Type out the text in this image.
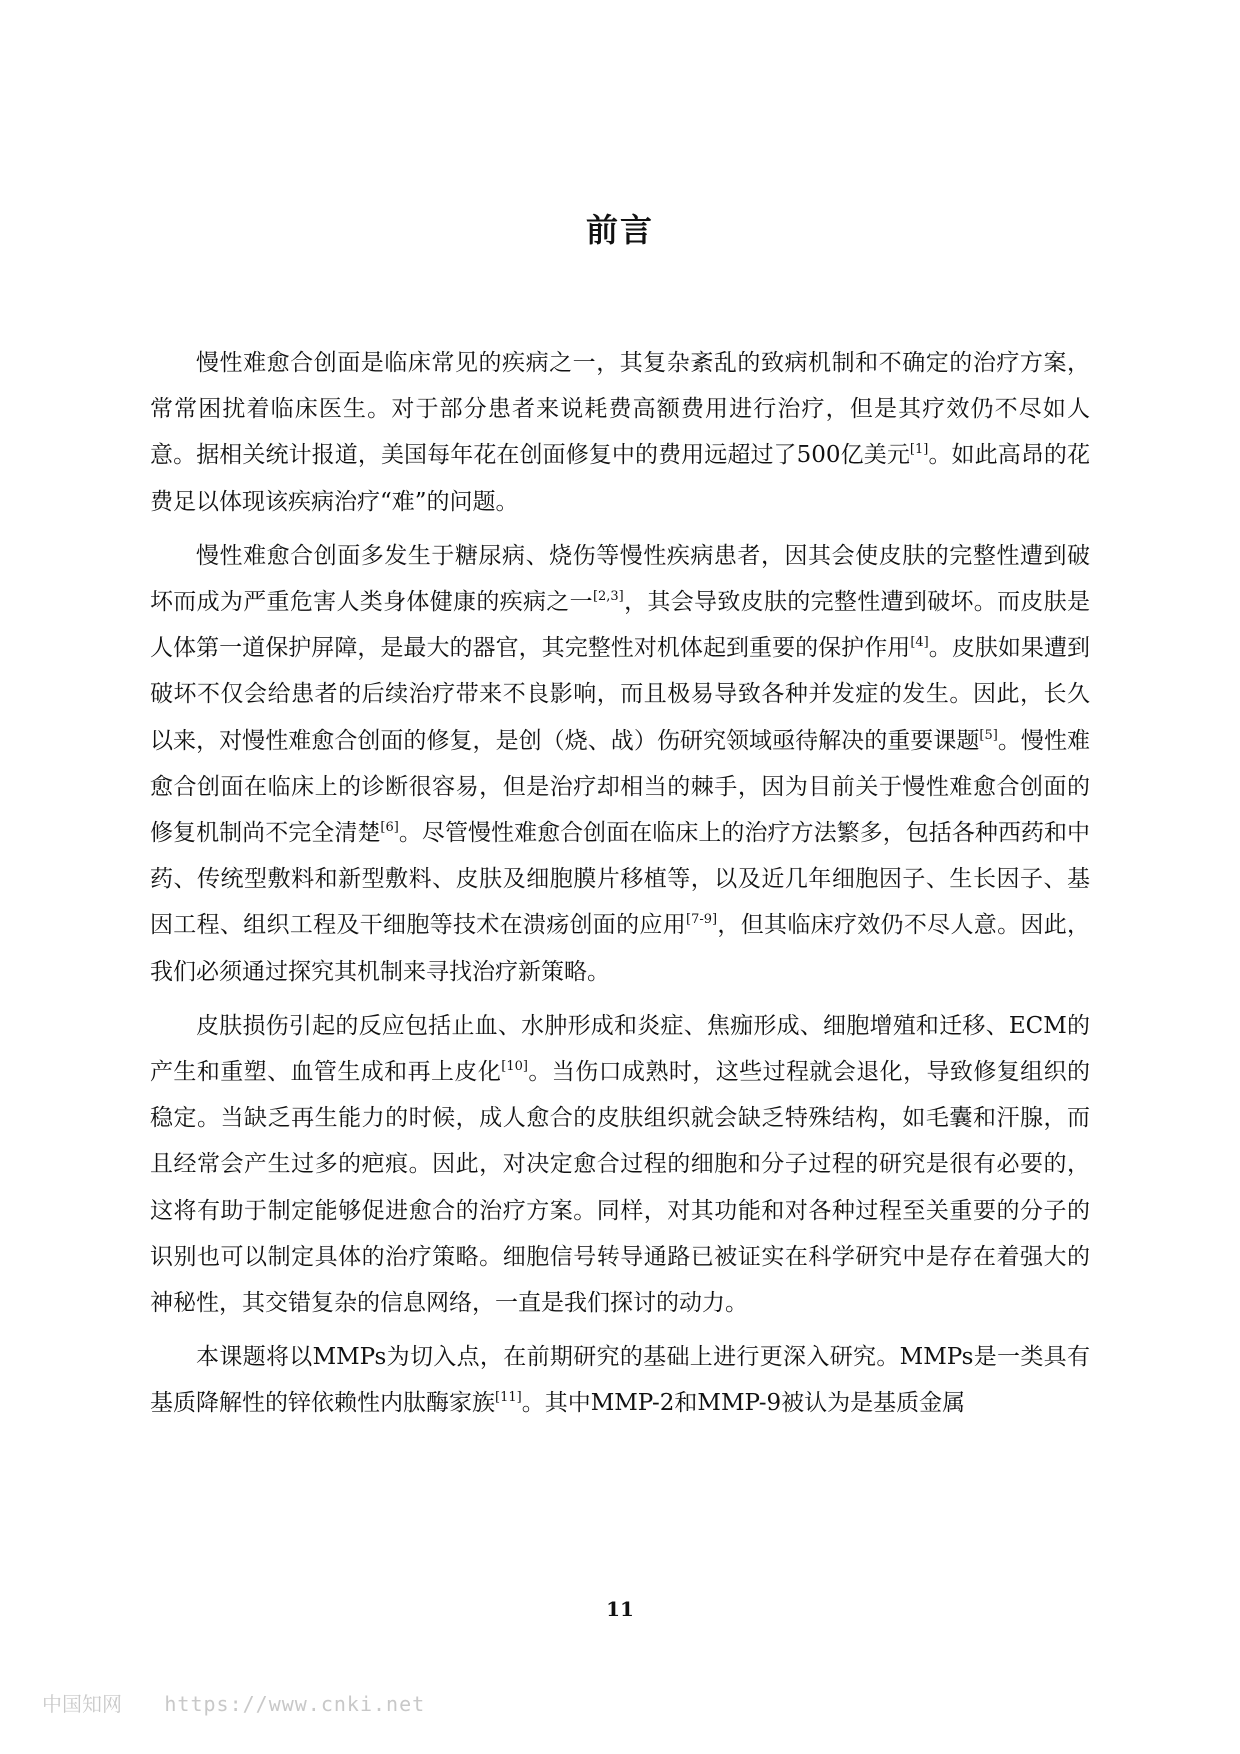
前言

慢性难愈合创面是临床常见的疾病之一，其复杂紊乱的致病机制和不确定的治疗方案，常常困扰着临床医生。对于部分患者来说耗费高额费用进行治疗，但是其疗效仍不尽如人意。据相关统计报道，美国每年花在创面修复中的费用远超过了500亿美元[1]。如此高昂的花费足以体现该疾病治疗“难”的问题。

慢性难愈合创面多发生于糖尿病、烧伤等慢性疾病患者，因其会使皮肤的完整性遭到破坏而成为严重危害人类身体健康的疾病之一[2,3]，其会导致皮肤的完整性遭到破坏。而皮肤是人体第一道保护屏障，是最大的器官，其完整性对机体起到重要的保护作用[4]。皮肤如果遭到破坏不仅会给患者的后续治疗带来不良影响，而且极易导致各种并发症的发生。因此，长久以来，对慢性难愈合创面的修复，是创（烧、战）伤研究领域亟待解决的重要课题[5]。慢性难愈合创面在临床上的诊断很容易，但是治疗却相当的棘手，因为目前关于慢性难愈合创面的修复机制尚不完全清楚[6]。尽管慢性难愈合创面在临床上的治疗方法繁多，包括各种西药和中药、传统型敷料和新型敷料、皮肤及细胞膜片移植等，以及近几年细胞因子、生长因子、基因工程、组织工程及干细胞等技术在溃疡创面的应用[7-9]，但其临床疗效仍不尽人意。因此，我们必须通过探究其机制来寻找治疗新策略。

皮肤损伤引起的反应包括止血、水肿形成和炎症、焦痂形成、细胞增殖和迁移、ECM的产生和重塑、血管生成和再上皮化[10]。当伤口成熟时，这些过程就会退化，导致修复组织的稳定。当缺乏再生能力的时候，成人愈合的皮肤组织就会缺乏特殊结构，如毛囊和汗腺，而且经常会产生过多的疤痕。因此，对决定愈合过程的细胞和分子过程的研究是很有必要的，这将有助于制定能够促进愈合的治疗方案。同样，对其功能和对各种过程至关重要的分子的识别也可以制定具体的治疗策略。细胞信号转导通路已被证实在科学研究中是存在着强大的神秘性，其交错复杂的信息网络，一直是我们探讨的动力。

本课题将以MMPs为切入点，在前期研究的基础上进行更深入研究。MMPs是一类具有基质降解性的锌依赖性内肽酶家族[11]。其中MMP-2和MMP-9被认为是基质金属

11
中国知网 https://www.cnki.net
